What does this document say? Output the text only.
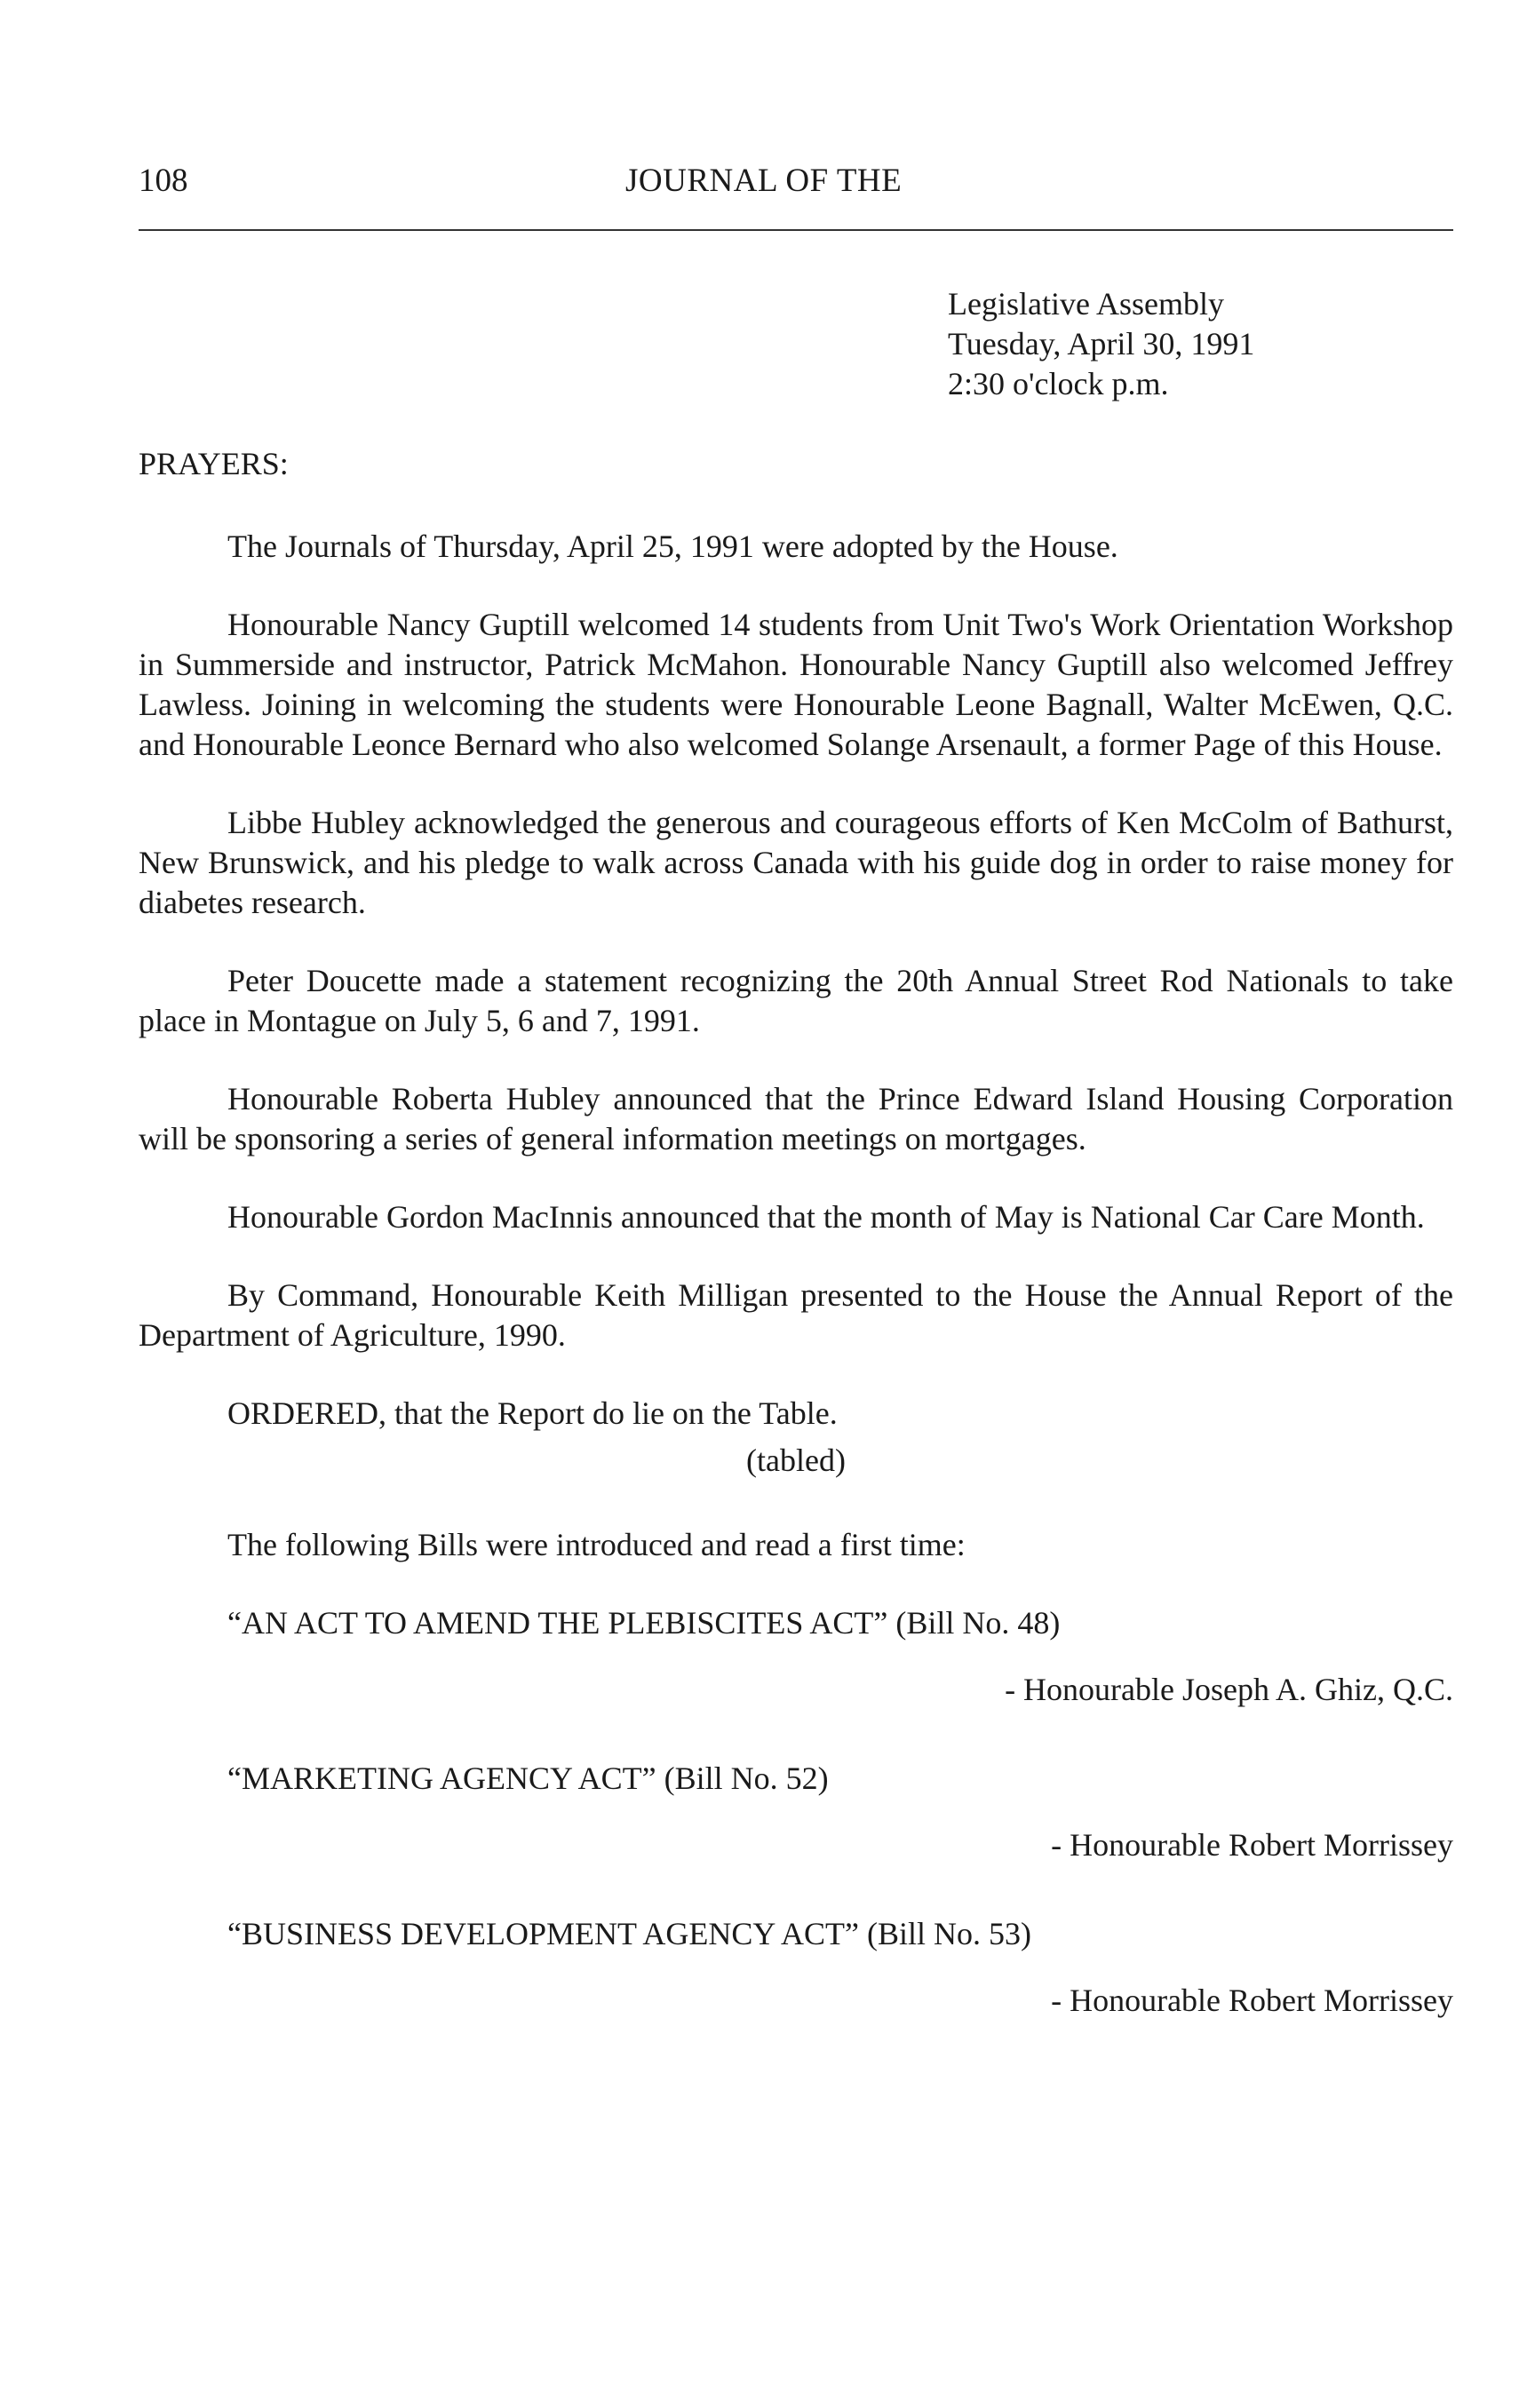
108	JOURNAL OF THE
Legislative Assembly
Tuesday, April 30, 1991
2:30 o'clock p.m.
PRAYERS:

The Journals of Thursday, April 25, 1991 were adopted by the House.

Honourable Nancy Guptill welcomed 14 students from Unit Two's Work Orientation Workshop in Summerside and instructor, Patrick McMahon. Honourable Nancy Guptill also welcomed Jeffrey Lawless. Joining in welcoming the students were Honourable Leone Bagnall, Walter McEwen, Q.C. and Honourable Leonce Bernard who also welcomed Solange Arsenault, a former Page of this House.

Libbe Hubley acknowledged the generous and courageous efforts of Ken McColm of Bathurst, New Brunswick, and his pledge to walk across Canada with his guide dog in order to raise money for diabetes research.

Peter Doucette made a statement recognizing the 20th Annual Street Rod Nationals to take place in Montague on July 5, 6 and 7, 1991.

Honourable Roberta Hubley announced that the Prince Edward Island Housing Corporation will be sponsoring a series of general information meetings on mortgages.

Honourable Gordon MacInnis announced that the month of May is National Car Care Month.

By Command, Honourable Keith Milligan presented to the House the Annual Report of the Department of Agriculture, 1990.

ORDERED, that the Report do lie on the Table.

(tabled)

The following Bills were introduced and read a first time:

“AN ACT TO AMEND THE PLEBISCITES ACT” (Bill No. 48)
- Honourable Joseph A. Ghiz, Q.C.
“MARKETING AGENCY ACT” (Bill No. 52)
- Honourable Robert Morrissey
“BUSINESS DEVELOPMENT AGENCY ACT” (Bill No. 53)
- Honourable Robert Morrissey
